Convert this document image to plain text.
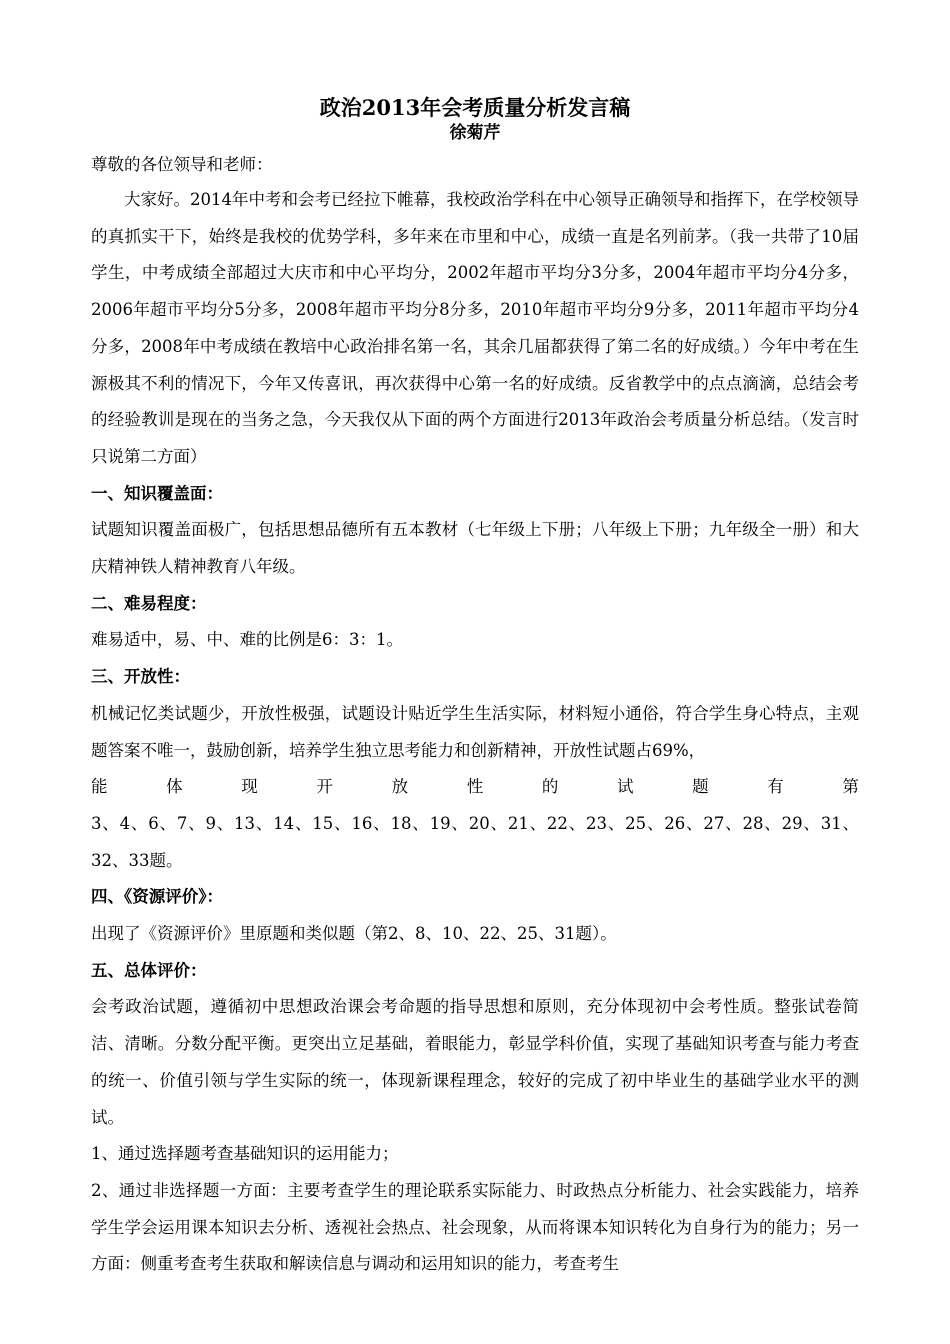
政治2013年会考质量分析发言稿

徐菊芹

尊敬的各位领导和老师：

大家好。2014年中考和会考已经拉下帷幕，我校政治学科在中心领导正确领导和指挥下，在学校领导的真抓实干下，始终是我校的优势学科，多年来在市里和中心，成绩一直是名列前茅。（我一共带了10届学生，中考成绩全部超过大庆市和中心平均分，2002年超市平均分3分多，2004年超市平均分4分多，2006年超市平均分5分多，2008年超市平均分8分多，2010年超市平均分9分多，2011年超市平均分4分多，2008年中考成绩在教培中心政治排名第一名，其余几届都获得了第二名的好成绩。）今年中考在生源极其不利的情况下，今年又传喜讯，再次获得中心第一名的好成绩。反省教学中的点点滴滴，总结会考的经验教训是现在的当务之急，今天我仅从下面的两个方面进行2013年政治会考质量分析总结。（发言时只说第二方面）

一、知识覆盖面：

试题知识覆盖面极广，包括思想品德所有五本教材（七年级上下册；八年级上下册；九年级全一册）和大庆精神铁人精神教育八年级。

二、难易程度：

难易适中，易、中、难的比例是6：3：1。

三、开放性：

机械记忆类试题少，开放性极强，试题设计贴近学生生活实际，材料短小通俗，符合学生身心特点，主观题答案不唯一，鼓励创新，培养学生独立思考能力和创新精神，开放性试题占69%，

能	体	现	开	放	性	的	试	题	有	第

3、4、6、7、9、13、14、15、16、18、19、20、21、22、23、25、26、27、28、29、31、32、33题。

四、《资源评价》：

出现了《资源评价》里原题和类似题（第2、8、10、22、25、31题）。

五、总体评价：

会考政治试题，遵循初中思想政治课会考命题的指导思想和原则，充分体现初中会考性质。整张试卷简洁、清晰。分数分配平衡。更突出立足基础，着眼能力，彰显学科价值，实现了基础知识考查与能力考查的统一、价值引领与学生实际的统一，体现新课程理念，较好的完成了初中毕业生的基础学业水平的测试。

1、通过选择题考查基础知识的运用能力；

2、通过非选择题一方面：主要考查学生的理论联系实际能力、时政热点分析能力、社会实践能力，培养学生学会运用课本知识去分析、透视社会热点、社会现象，从而将课本知识转化为自身行为的能力；另一方面：侧重考查考生获取和解读信息与调动和运用知识的能力，考查考生
